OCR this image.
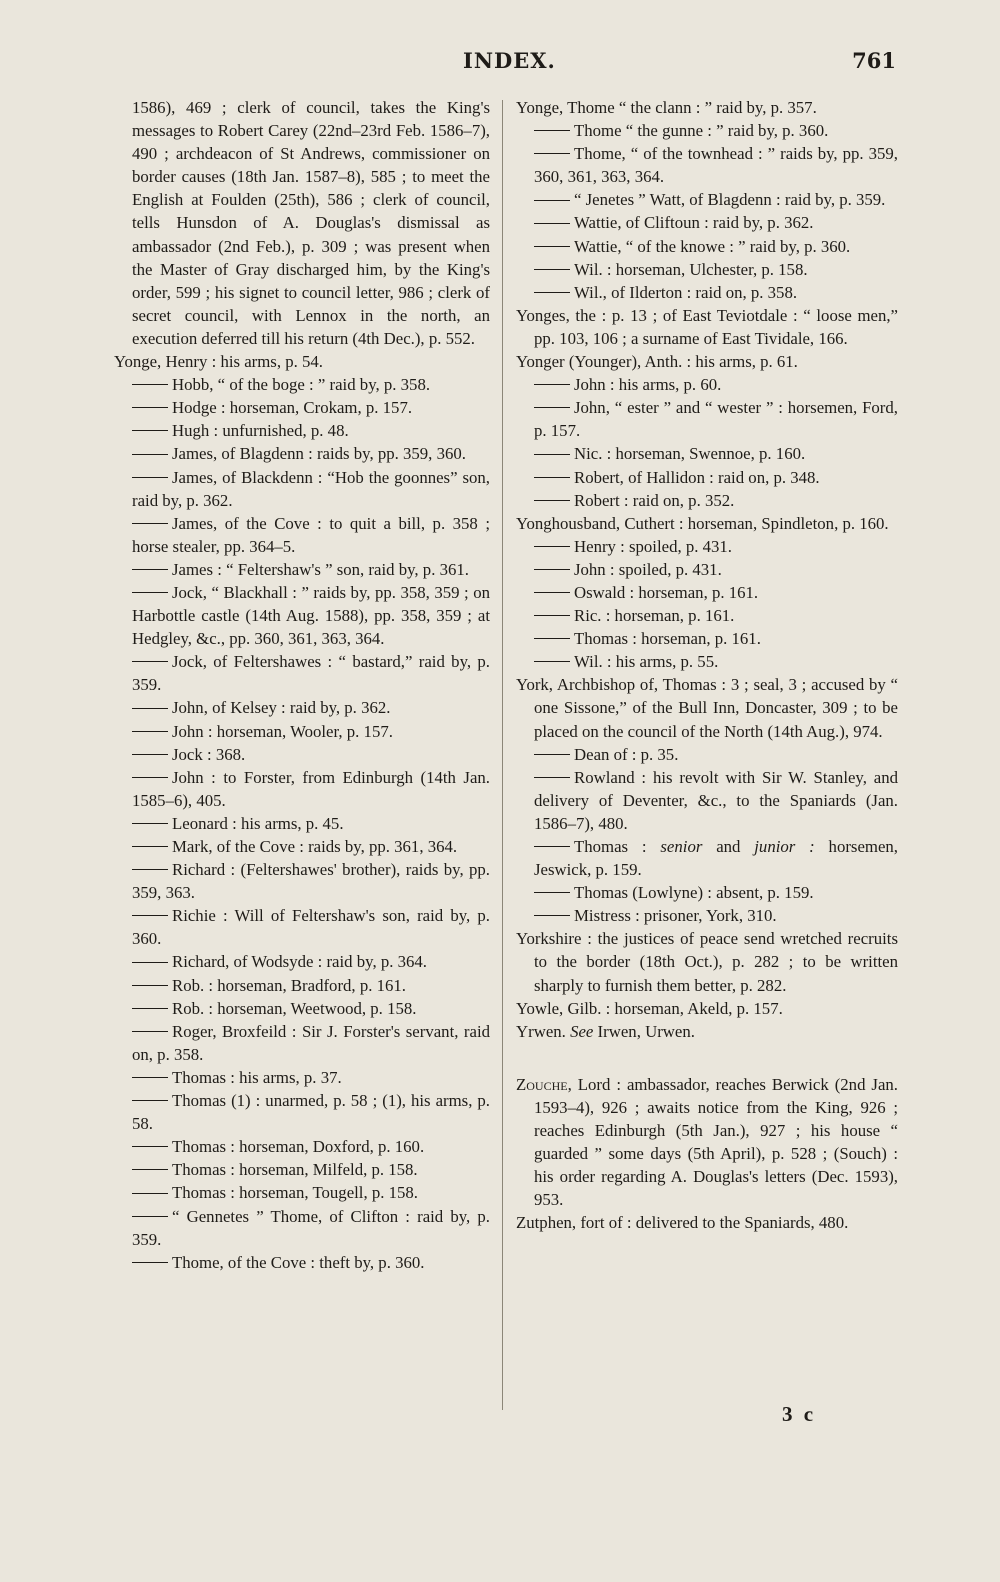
INDEX.	761

1586), 469 ; clerk of council, takes the King's messages to Robert Carey (22nd–23rd Feb. 1586–7), 490 ; archdeacon of St Andrews, commissioner on border causes (18th Jan. 1587–8), 585 ; to meet the English at Foulden (25th), 586 ; clerk of council, tells Hunsdon of A. Douglas's dismissal as ambassador (2nd Feb.), p. 309 ; was present when the Master of Gray discharged him, by the King's order, 599 ; his signet to council letter, 986 ; clerk of secret council, with Lennox in the north, an execution deferred till his return (4th Dec.), p. 552.

Yonge, Henry : his arms, p. 54.

Hobb, “ of the boge : ” raid by, p. 358.

Hodge : horseman, Crokam, p. 157.

Hugh : unfurnished, p. 48.

James, of Blagdenn : raids by, pp. 359, 360.

James, of Blackdenn : “Hob the goonnes” son, raid by, p. 362.

James, of the Cove : to quit a bill, p. 358 ; horse stealer, pp. 364–5.

James : “ Feltershaw's ” son, raid by, p. 361.

Jock, “ Blackhall : ” raids by, pp. 358, 359 ; on Harbottle castle (14th Aug. 1588), pp. 358, 359 ; at Hedgley, &c., pp. 360, 361, 363, 364.

Jock, of Feltershawes : “ bastard,” raid by, p. 359.

John, of Kelsey : raid by, p. 362.

John : horseman, Wooler, p. 157.

Jock : 368.

John : to Forster, from Edinburgh (14th Jan. 1585–6), 405.

Leonard : his arms, p. 45.

Mark, of the Cove : raids by, pp. 361, 364.

Richard : (Feltershawes' brother), raids by, pp. 359, 363.

Richie : Will of Feltershaw's son, raid by, p. 360.

Richard, of Wodsyde : raid by, p. 364.

Rob. : horseman, Bradford, p. 161.

Rob. : horseman, Weetwood, p. 158.

Roger, Broxfeild : Sir J. Forster's servant, raid on, p. 358.

Thomas : his arms, p. 37.

Thomas (1) : unarmed, p. 58 ; (1), his arms, p. 58.

Thomas : horseman, Doxford, p. 160.

Thomas : horseman, Milfeld, p. 158.

Thomas : horseman, Tougell, p. 158.

“ Gennetes ” Thome, of Clifton : raid by, p. 359.

Thome, of the Cove : theft by, p. 360.

Yonge, Thome “ the clann : ” raid by, p. 357.

Thome “ the gunne : ” raid by, p. 360.

Thome, “ of the townhead : ” raids by, pp. 359, 360, 361, 363, 364.

“ Jenetes ” Watt, of Blagdenn : raid by, p. 359.

Wattie, of Cliftoun : raid by, p. 362.

Wattie, “ of the knowe : ” raid by, p. 360.

Wil. : horseman, Ulchester, p. 158.

Wil., of Ilderton : raid on, p. 358.

Yonges, the : p. 13 ; of East Teviotdale : “ loose men,” pp. 103, 106 ; a surname of East Tividale, 166.

Yonger (Younger), Anth. : his arms, p. 61.

John : his arms, p. 60.

John, “ ester ” and “ wester ” : horsemen, Ford, p. 157.

Nic. : horseman, Swennoe, p. 160.

Robert, of Hallidon : raid on, p. 348.

Robert : raid on, p. 352.

Yonghousband, Cuthert : horseman, Spindleton, p. 160.

Henry : spoiled, p. 431.

John : spoiled, p. 431.

Oswald : horseman, p. 161.

Ric. : horseman, p. 161.

Thomas : horseman, p. 161.

Wil. : his arms, p. 55.

York, Archbishop of, Thomas : 3 ; seal, 3 ; accused by “ one Sissone,” of the Bull Inn, Doncaster, 309 ; to be placed on the council of the North (14th Aug.), 974.

Dean of : p. 35.

Rowland : his revolt with Sir W. Stanley, and delivery of Deventer, &c., to the Spaniards (Jan. 1586–7), 480.

Thomas : senior and junior : horsemen, Jeswick, p. 159.

Thomas (Lowlyne) : absent, p. 159.

Mistress : prisoner, York, 310.

Yorkshire : the justices of peace send wretched recruits to the border (18th Oct.), p. 282 ; to be written sharply to furnish them better, p. 282.

Yowle, Gilb. : horseman, Akeld, p. 157.

Yrwen. See Irwen, Urwen.

Zouche, Lord : ambassador, reaches Berwick (2nd Jan. 1593–4), 926 ; awaits notice from the King, 926 ; reaches Edinburgh (5th Jan.), 927 ; his house “ guarded ” some days (5th April), p. 528 ; (Souch) : his order regarding A. Douglas's letters (Dec. 1593), 953.

Zutphen, fort of : delivered to the Spaniards, 480.

3 c
